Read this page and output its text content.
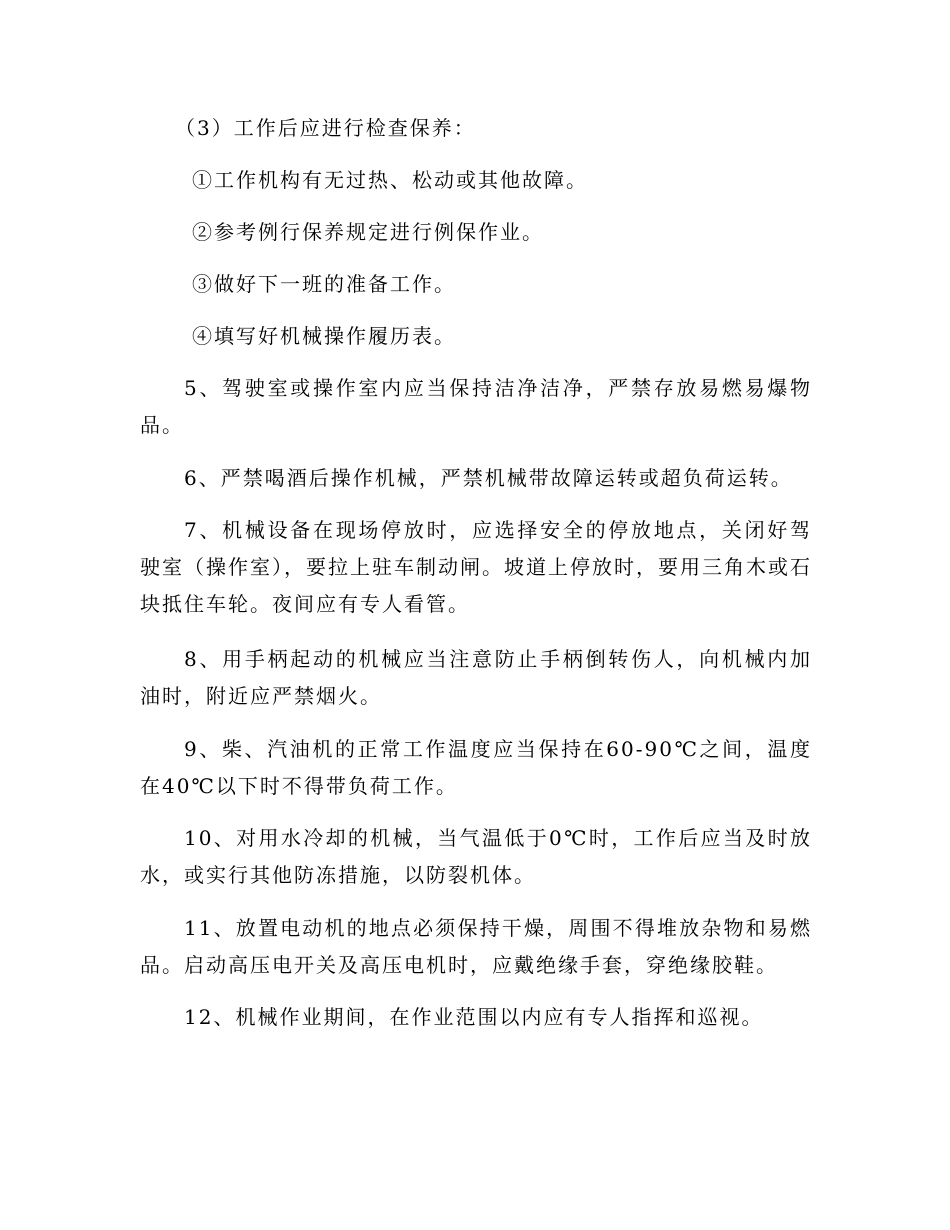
（3）工作后应进行检查保养：

①工作机构有无过热、松动或其他故障。

②参考例行保养规定进行例保作业。

③做好下一班的准备工作。

④填写好机械操作履历表。

5、驾驶室或操作室内应当保持洁净洁净，严禁存放易燃易爆物品。

6、严禁喝酒后操作机械，严禁机械带故障运转或超负荷运转。

7、机械设备在现场停放时，应选择安全的停放地点，关闭好驾驶室（操作室），要拉上驻车制动闸。坡道上停放时，要用三角木或石块抵住车轮。夜间应有专人看管。

8、用手柄起动的机械应当注意防止手柄倒转伤人，向机械内加油时，附近应严禁烟火。

9、柴、汽油机的正常工作温度应当保持在60-90℃之间，温度在40℃以下时不得带负荷工作。

10、对用水冷却的机械，当气温低于0℃时，工作后应当及时放水，或实行其他防冻措施，以防裂机体。

11、放置电动机的地点必须保持干燥，周围不得堆放杂物和易燃品。启动高压电开关及高压电机时，应戴绝缘手套，穿绝缘胶鞋。

12、机械作业期间，在作业范围以内应有专人指挥和巡视。
